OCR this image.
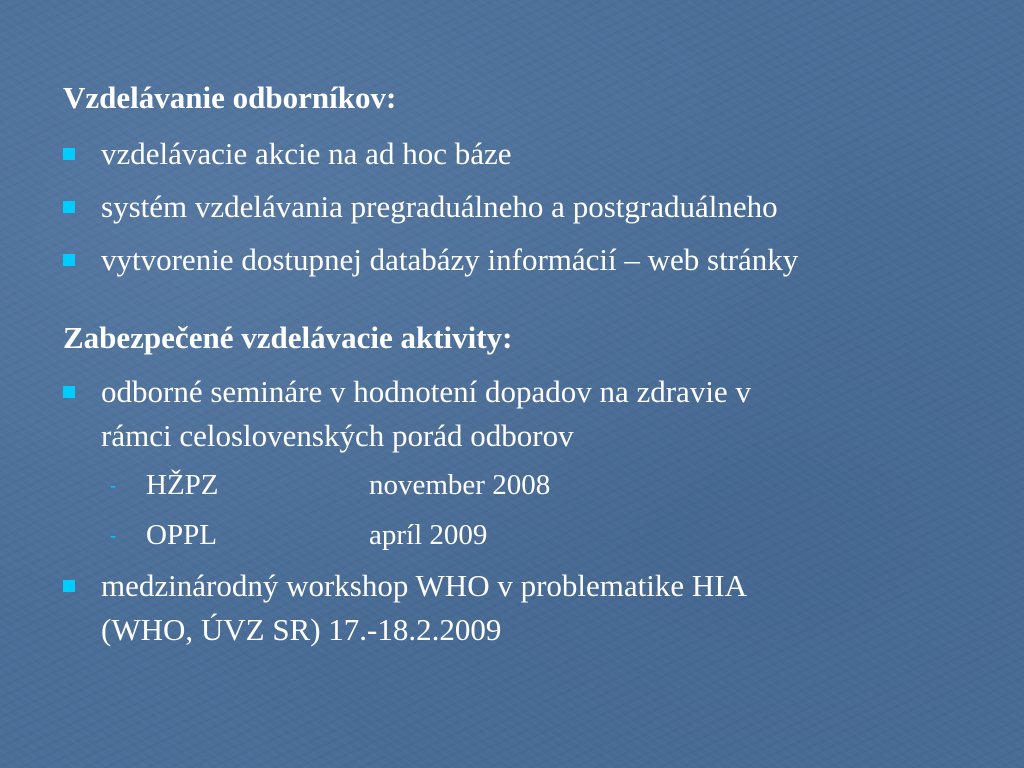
Vzdelávanie odborníkov:
vzdelávacie akcie na ad hoc báze
systém vzdelávania pregraduálneho a postgraduálneho
vytvorenie dostupnej databázy informácií – web stránky
Zabezpečené vzdelávacie aktivity:
odborné semináre v hodnotení dopadov na zdravie v
rámci celoslovenských porád odborov
- HŽPZ	november 2008
- OPPL	apríl 2009
medzinárodný workshop WHO v problematike HIA
(WHO, ÚVZ SR) 17.-18.2.2009
